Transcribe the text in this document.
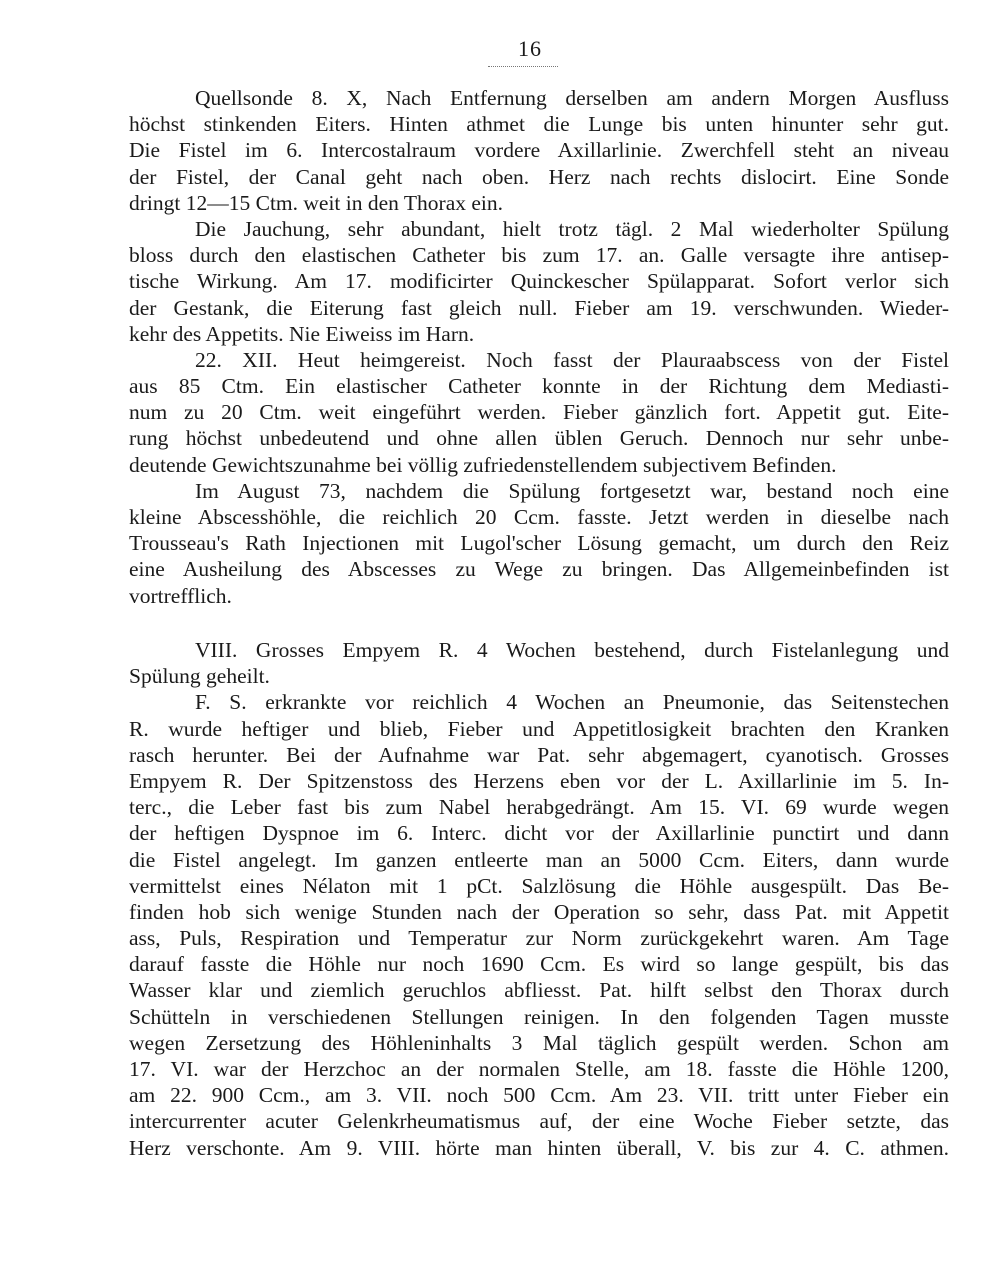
16
Quellsonde 8. X, Nach Entfernung derselben am andern Morgen Ausfluss
höchst stinkenden Eiters. Hinten athmet die Lunge bis unten hinunter sehr gut.
Die Fistel im 6. Intercostalraum vordere Axillarlinie. Zwerchfell steht an niveau
der Fistel, der Canal geht nach oben. Herz nach rechts dislocirt. Eine Sonde
dringt 12—15 Ctm. weit in den Thorax ein.
Die Jauchung, sehr abundant, hielt trotz tägl. 2 Mal wiederholter Spülung
bloss durch den elastischen Catheter bis zum 17. an. Galle versagte ihre antisep-
tische Wirkung. Am 17. modificirter Quinckescher Spülapparat. Sofort verlor sich
der Gestank, die Eiterung fast gleich null. Fieber am 19. verschwunden. Wieder-
kehr des Appetits. Nie Eiweiss im Harn.
22. XII. Heut heimgereist. Noch fasst der Plauraabscess von der Fistel
aus 85 Ctm. Ein elastischer Catheter konnte in der Richtung dem Mediasti-
num zu 20 Ctm. weit eingeführt werden. Fieber gänzlich fort. Appetit gut. Eite-
rung höchst unbedeutend und ohne allen üblen Geruch. Dennoch nur sehr unbe-
deutende Gewichtszunahme bei völlig zufriedenstellendem subjectivem Befinden.
Im August 73, nachdem die Spülung fortgesetzt war, bestand noch eine
kleine Abscesshöhle, die reichlich 20 Ccm. fasste. Jetzt werden in dieselbe nach
Trousseau's Rath Injectionen mit Lugol'scher Lösung gemacht, um durch den Reiz
eine Ausheilung des Abscesses zu Wege zu bringen. Das Allgemeinbefinden ist
vortrefflich.
VIII. Grosses Empyem R. 4 Wochen bestehend, durch Fistelanlegung und
Spülung geheilt.
F. S. erkrankte vor reichlich 4 Wochen an Pneumonie, das Seitenstechen
R. wurde heftiger und blieb, Fieber und Appetitlosigkeit brachten den Kranken
rasch herunter. Bei der Aufnahme war Pat. sehr abgemagert, cyanotisch. Grosses
Empyem R. Der Spitzenstoss des Herzens eben vor der L. Axillarlinie im 5. In-
terc., die Leber fast bis zum Nabel herabgedrängt. Am 15. VI. 69 wurde wegen
der heftigen Dyspnoe im 6. Interc. dicht vor der Axillarlinie punctirt und dann
die Fistel angelegt. Im ganzen entleerte man an 5000 Ccm. Eiters, dann wurde
vermittelst eines Nélaton mit 1 pCt. Salzlösung die Höhle ausgespült. Das Be-
finden hob sich wenige Stunden nach der Operation so sehr, dass Pat. mit Appetit
ass, Puls, Respiration und Temperatur zur Norm zurückgekehrt waren. Am Tage
darauf fasste die Höhle nur noch 1690 Ccm. Es wird so lange gespült, bis das
Wasser klar und ziemlich geruchlos abfliesst. Pat. hilft selbst den Thorax durch
Schütteln in verschiedenen Stellungen reinigen. In den folgenden Tagen musste
wegen Zersetzung des Höhleninhalts 3 Mal täglich gespült werden. Schon am
17. VI. war der Herzchoc an der normalen Stelle, am 18. fasste die Höhle 1200,
am 22. 900 Ccm., am 3. VII. noch 500 Ccm. Am 23. VII. tritt unter Fieber ein
intercurrenter acuter Gelenkrheumatismus auf, der eine Woche Fieber setzte, das
Herz verschonte. Am 9. VIII. hörte man hinten überall, V. bis zur 4. C. athmen.
